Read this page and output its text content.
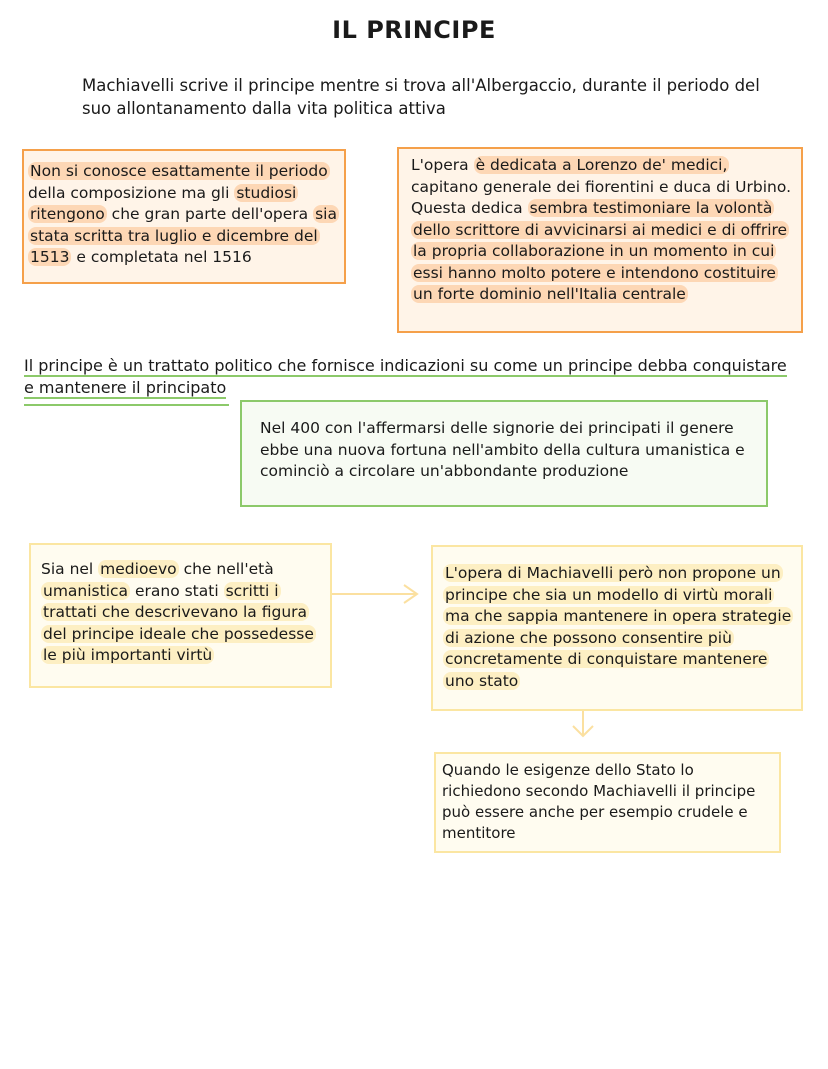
IL PRINCIPE
Machiavelli scrive il principe mentre si trova all'Albergaccio, durante il periodo del suo allontanamento dalla vita politica attiva

Non si conosce esattamente il periodo della composizione ma gli studiosi ritengono che gran parte dell'opera sia stata scritta tra luglio e dicembre del 1513 e completata nel 1516

L'opera è dedicata a Lorenzo de' medici, capitano generale dei fiorentini e duca di Urbino. Questa dedica sembra testimoniare la volontà dello scrittore di avvicinarsi ai medici e di offrire la propria collaborazione in un momento in cui essi hanno molto potere e intendono costituire un forte dominio nell'Italia centrale

Il principe è un trattato politico che fornisce indicazioni su come un principe debba conquistare e mantenere il principato

Nel 400 con l'affermarsi delle signorie dei principati il genere ebbe una nuova fortuna nell'ambito della cultura umanistica e cominciò a circolare un'abbondante produzione

Sia nel medioevo che nell'età umanistica erano stati scritti i trattati che descrivevano la figura del principe ideale che possedesse le più importanti virtù

L'opera di Machiavelli però non propone un principe che sia un modello di virtù morali ma che sappia mantenere in opera strategie di azione che possono consentire più concretamente di conquistare mantenere uno stato

Quando le esigenze dello Stato lo richiedono secondo Machiavelli il principe può essere anche per esempio crudele e mentitore
